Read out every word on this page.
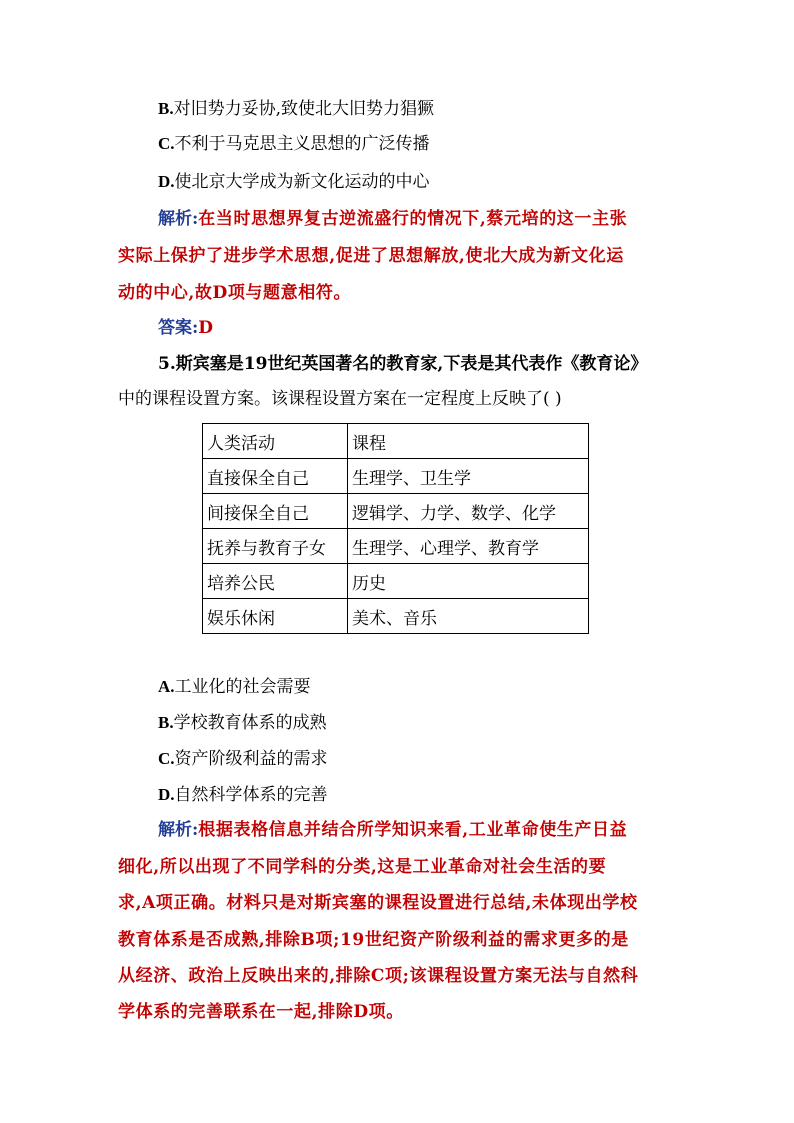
B.对旧势力妥协,致使北大旧势力猖獗
C.不利于马克思主义思想的广泛传播
D.使北京大学成为新文化运动的中心
解析:在当时思想界复古逆流盛行的情况下,蔡元培的这一主张
实际上保护了进步学术思想,促进了思想解放,使北大成为新文化运
动的中心,故D项与题意相符。
答案:D
5.斯宾塞是19世纪英国著名的教育家,下表是其代表作《教育论》
中的课程设置方案。该课程设置方案在一定程度上反映了( )
人类活动	课程
直接保全自己	生理学、卫生学
间接保全自己	逻辑学、力学、数学、化学
抚养与教育子女	生理学、心理学、教育学
培养公民	历史
娱乐休闲	美术、音乐
A.工业化的社会需要
B.学校教育体系的成熟
C.资产阶级利益的需求
D.自然科学体系的完善
解析:根据表格信息并结合所学知识来看,工业革命使生产日益
细化,所以出现了不同学科的分类,这是工业革命对社会生活的要
求,A项正确。材料只是对斯宾塞的课程设置进行总结,未体现出学校
教育体系是否成熟,排除B项;19世纪资产阶级利益的需求更多的是
从经济、政治上反映出来的,排除C项;该课程设置方案无法与自然科
学体系的完善联系在一起,排除D项。
